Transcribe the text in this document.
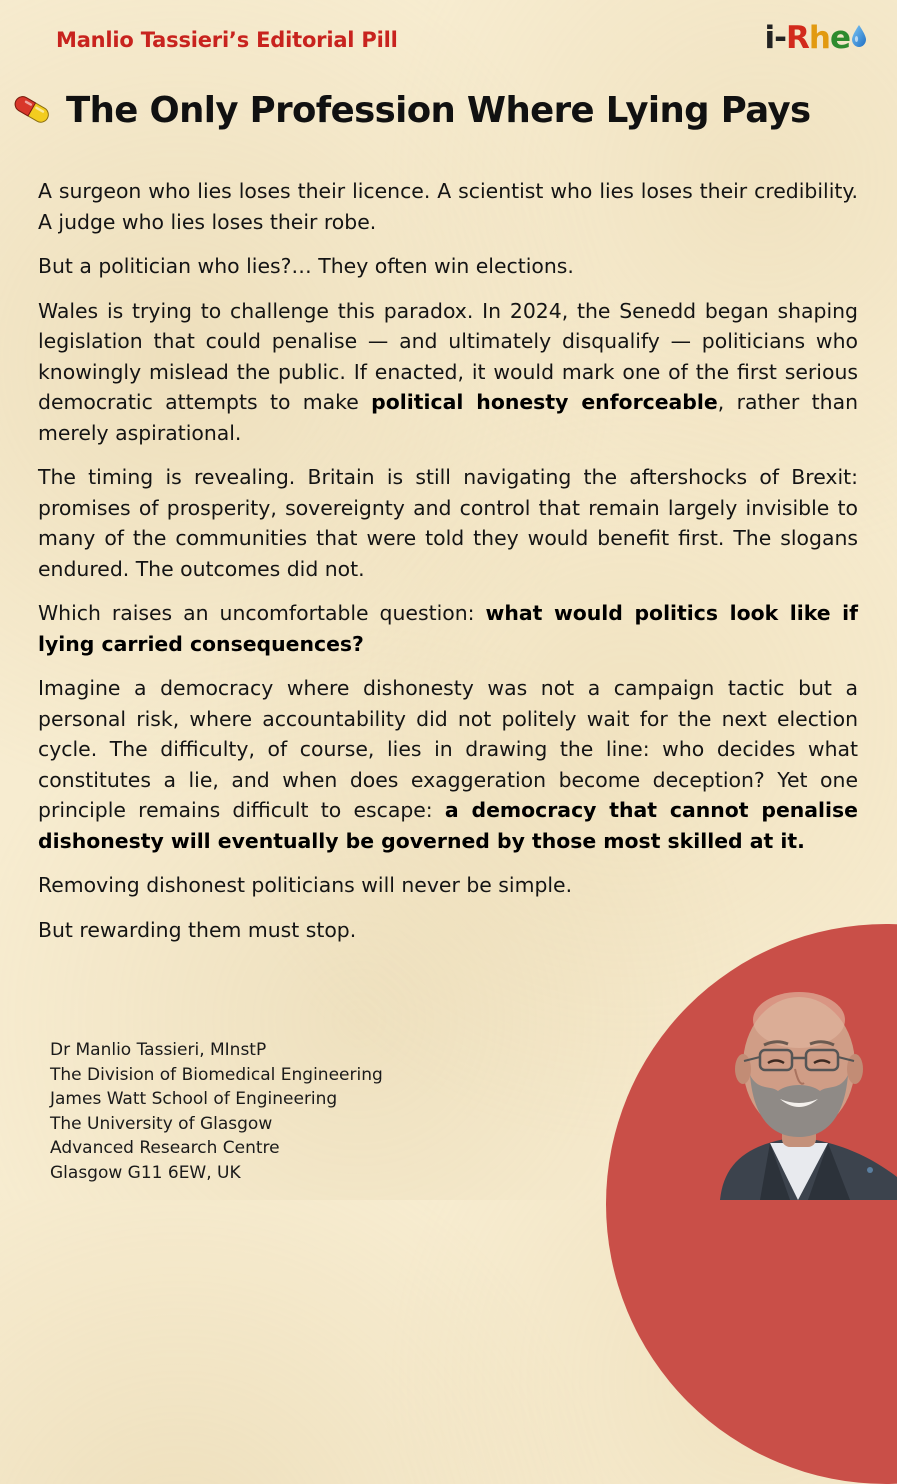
Manlio Tassieri’s Editorial Pill	i- R h e
The Only Profession Where Lying Pays

A surgeon who lies loses their licence. A scientist who lies loses their credibility. A judge who lies loses their robe.

But a politician who lies?… They often win elections.

Wales is trying to challenge this paradox. In 2024, the Senedd began shaping legislation that could penalise — and ultimately disqualify — politicians who knowingly mislead the public. If enacted, it would mark one of the first serious democratic attempts to make political honesty enforceable, rather than merely aspirational.

The timing is revealing. Britain is still navigating the aftershocks of Brexit: promises of prosperity, sovereignty and control that remain largely invisible to many of the communities that were told they would benefit first. The slogans endured. The outcomes did not.

Which raises an uncomfortable question: what would politics look like if lying carried consequences?

Imagine a democracy where dishonesty was not a campaign tactic but a personal risk, where accountability did not politely wait for the next election cycle. The difficulty, of course, lies in drawing the line: who decides what constitutes a lie, and when does exaggeration become deception? Yet one principle remains difficult to escape: a democracy that cannot penalise dishonesty will eventually be governed by those most skilled at it.

Removing dishonest politicians will never be simple.

But rewarding them must stop.

Dr Manlio Tassieri, MInstP
The Division of Biomedical Engineering
James Watt School of Engineering
The University of Glasgow
Advanced Research Centre
Glasgow G11 6EW, UK
